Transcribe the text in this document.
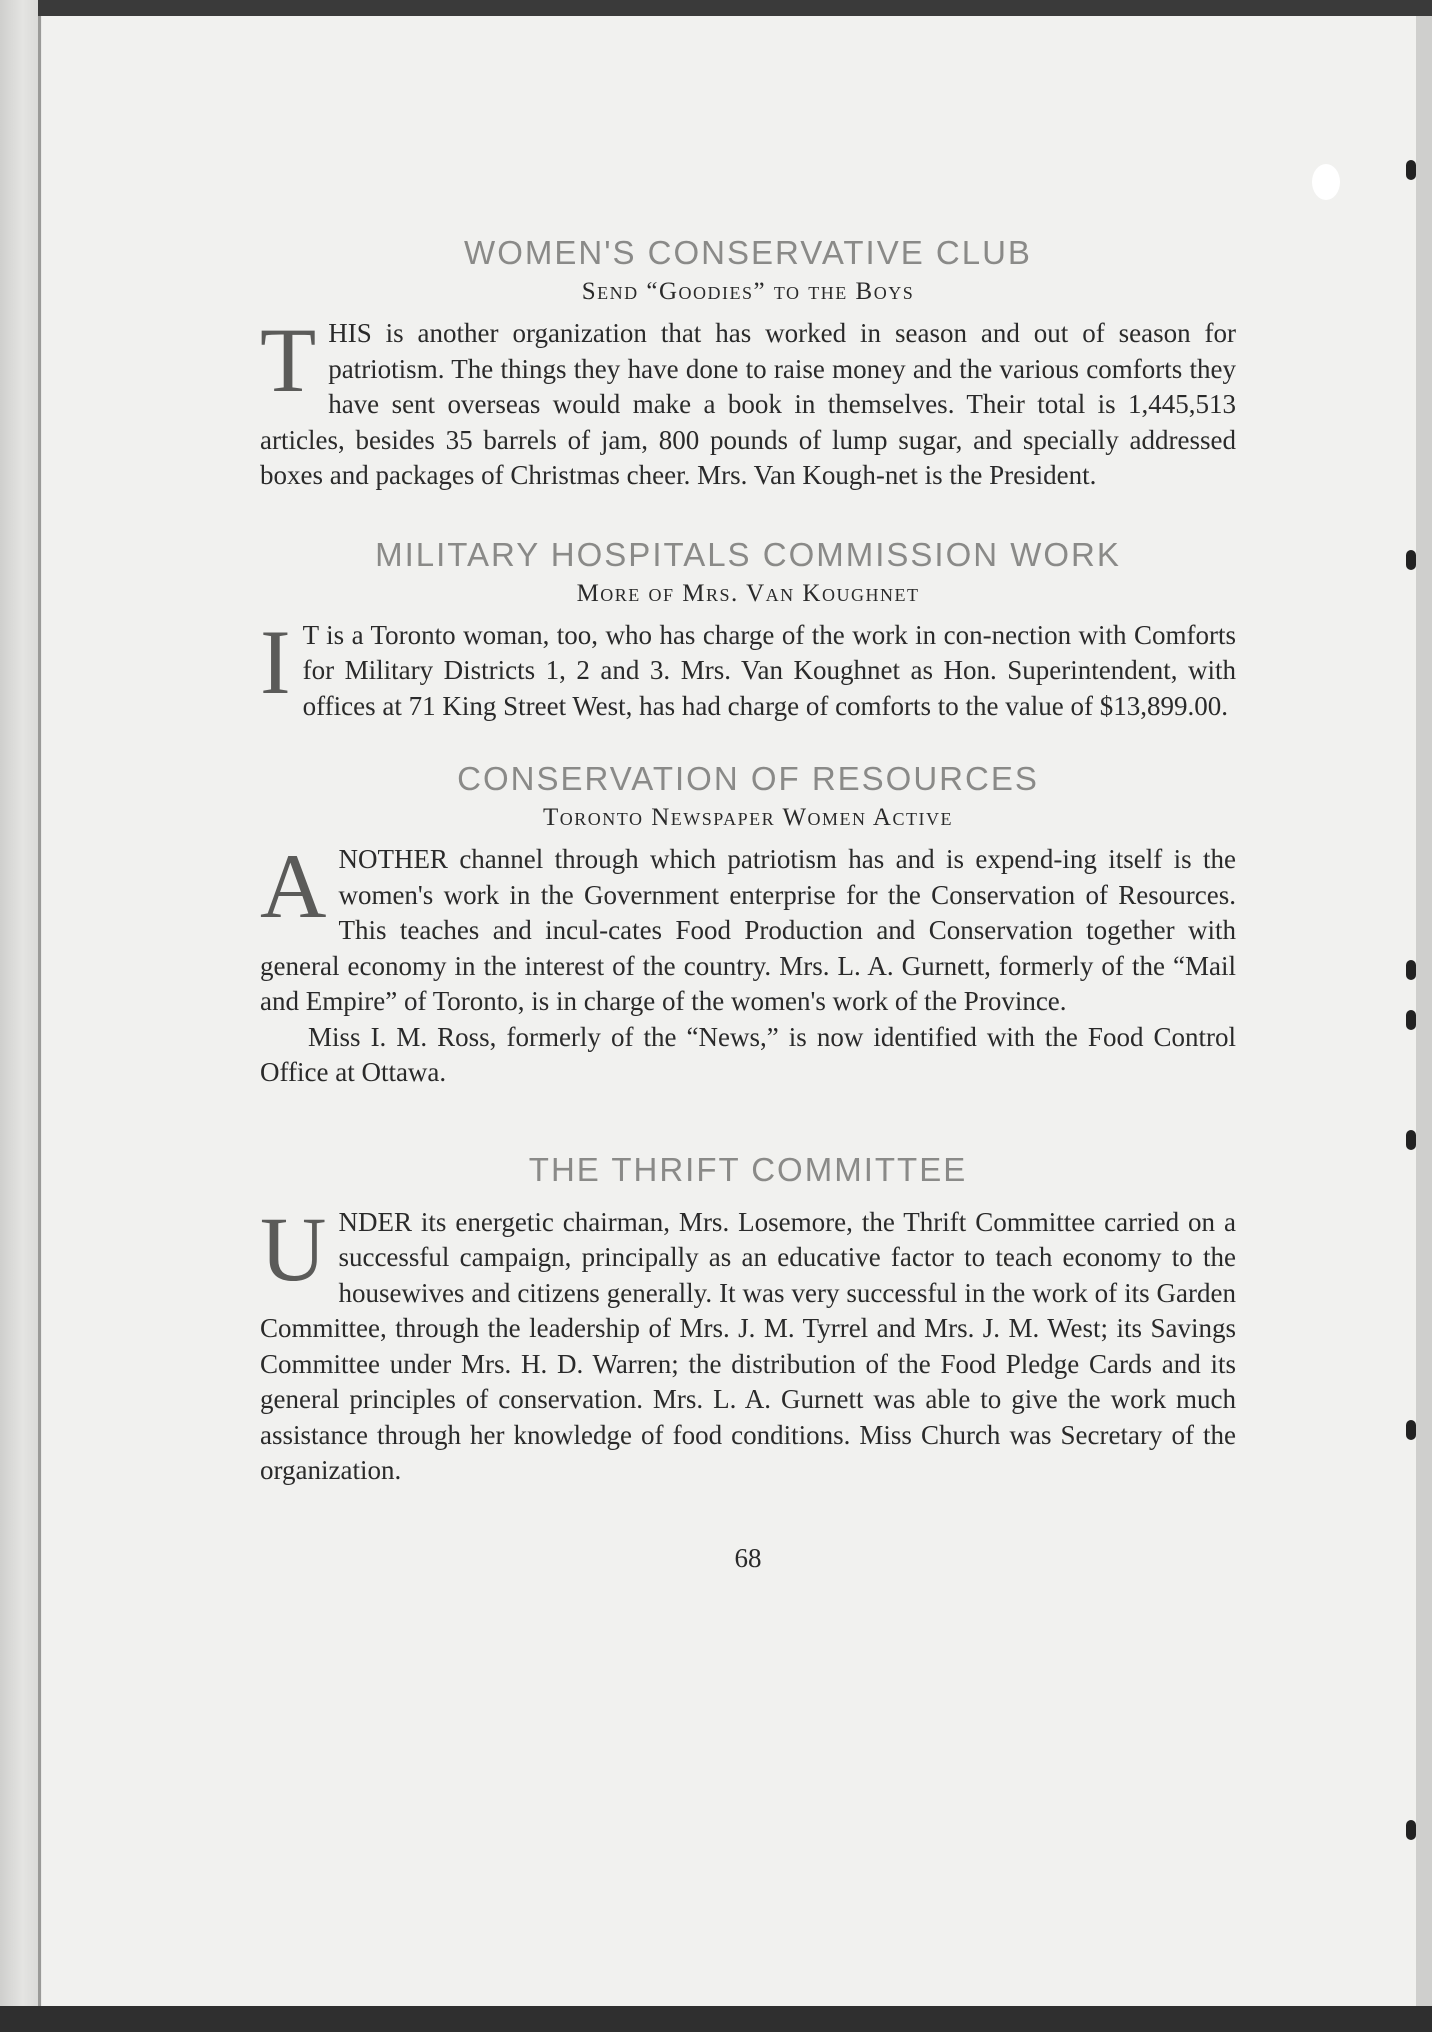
WOMEN'S CONSERVATIVE CLUB
Send “Goodies” to the Boys

THIS is another organization that has worked in season and out of season for patriotism. The things they have done to raise money and the various comforts they have sent overseas would make a book in themselves. Their total is 1,445,513 articles, besides 35 barrels of jam, 800 pounds of lump sugar, and specially addressed boxes and packages of Christmas cheer. Mrs. Van Kough-net is the President.

MILITARY HOSPITALS COMMISSION WORK
More of Mrs. Van Koughnet

I T is a Toronto woman, too, who has charge of the work in con-nection with Comforts for Military Districts 1, 2 and 3. Mrs. Van Koughnet as Hon. Superintendent, with offices at 71 King Street West, has had charge of comforts to the value of $13,899.00.

CONSERVATION OF RESOURCES
Toronto Newspaper Women Active

ANOTHER channel through which patriotism has and is expend-ing itself is the women's work in the Government enterprise for the Conservation of Resources. This teaches and incul-cates Food Production and Conservation together with general economy in the interest of the country. Mrs. L. A. Gurnett, formerly of the “Mail and Empire” of Toronto, is in charge of the women's work of the Province.

Miss I. M. Ross, formerly of the “News,” is now identified with the Food Control Office at Ottawa.

THE THRIFT COMMITTEE

UNDER its energetic chairman, Mrs. Losemore, the Thrift Committee carried on a successful campaign, principally as an educative factor to teach economy to the housewives and citizens generally. It was very successful in the work of its Garden Committee, through the leadership of Mrs. J. M. Tyrrel and Mrs. J. M. West; its Savings Committee under Mrs. H. D. Warren; the distribution of the Food Pledge Cards and its general principles of conservation. Mrs. L. A. Gurnett was able to give the work much assistance through her knowledge of food conditions. Miss Church was Secretary of the organization.

68
